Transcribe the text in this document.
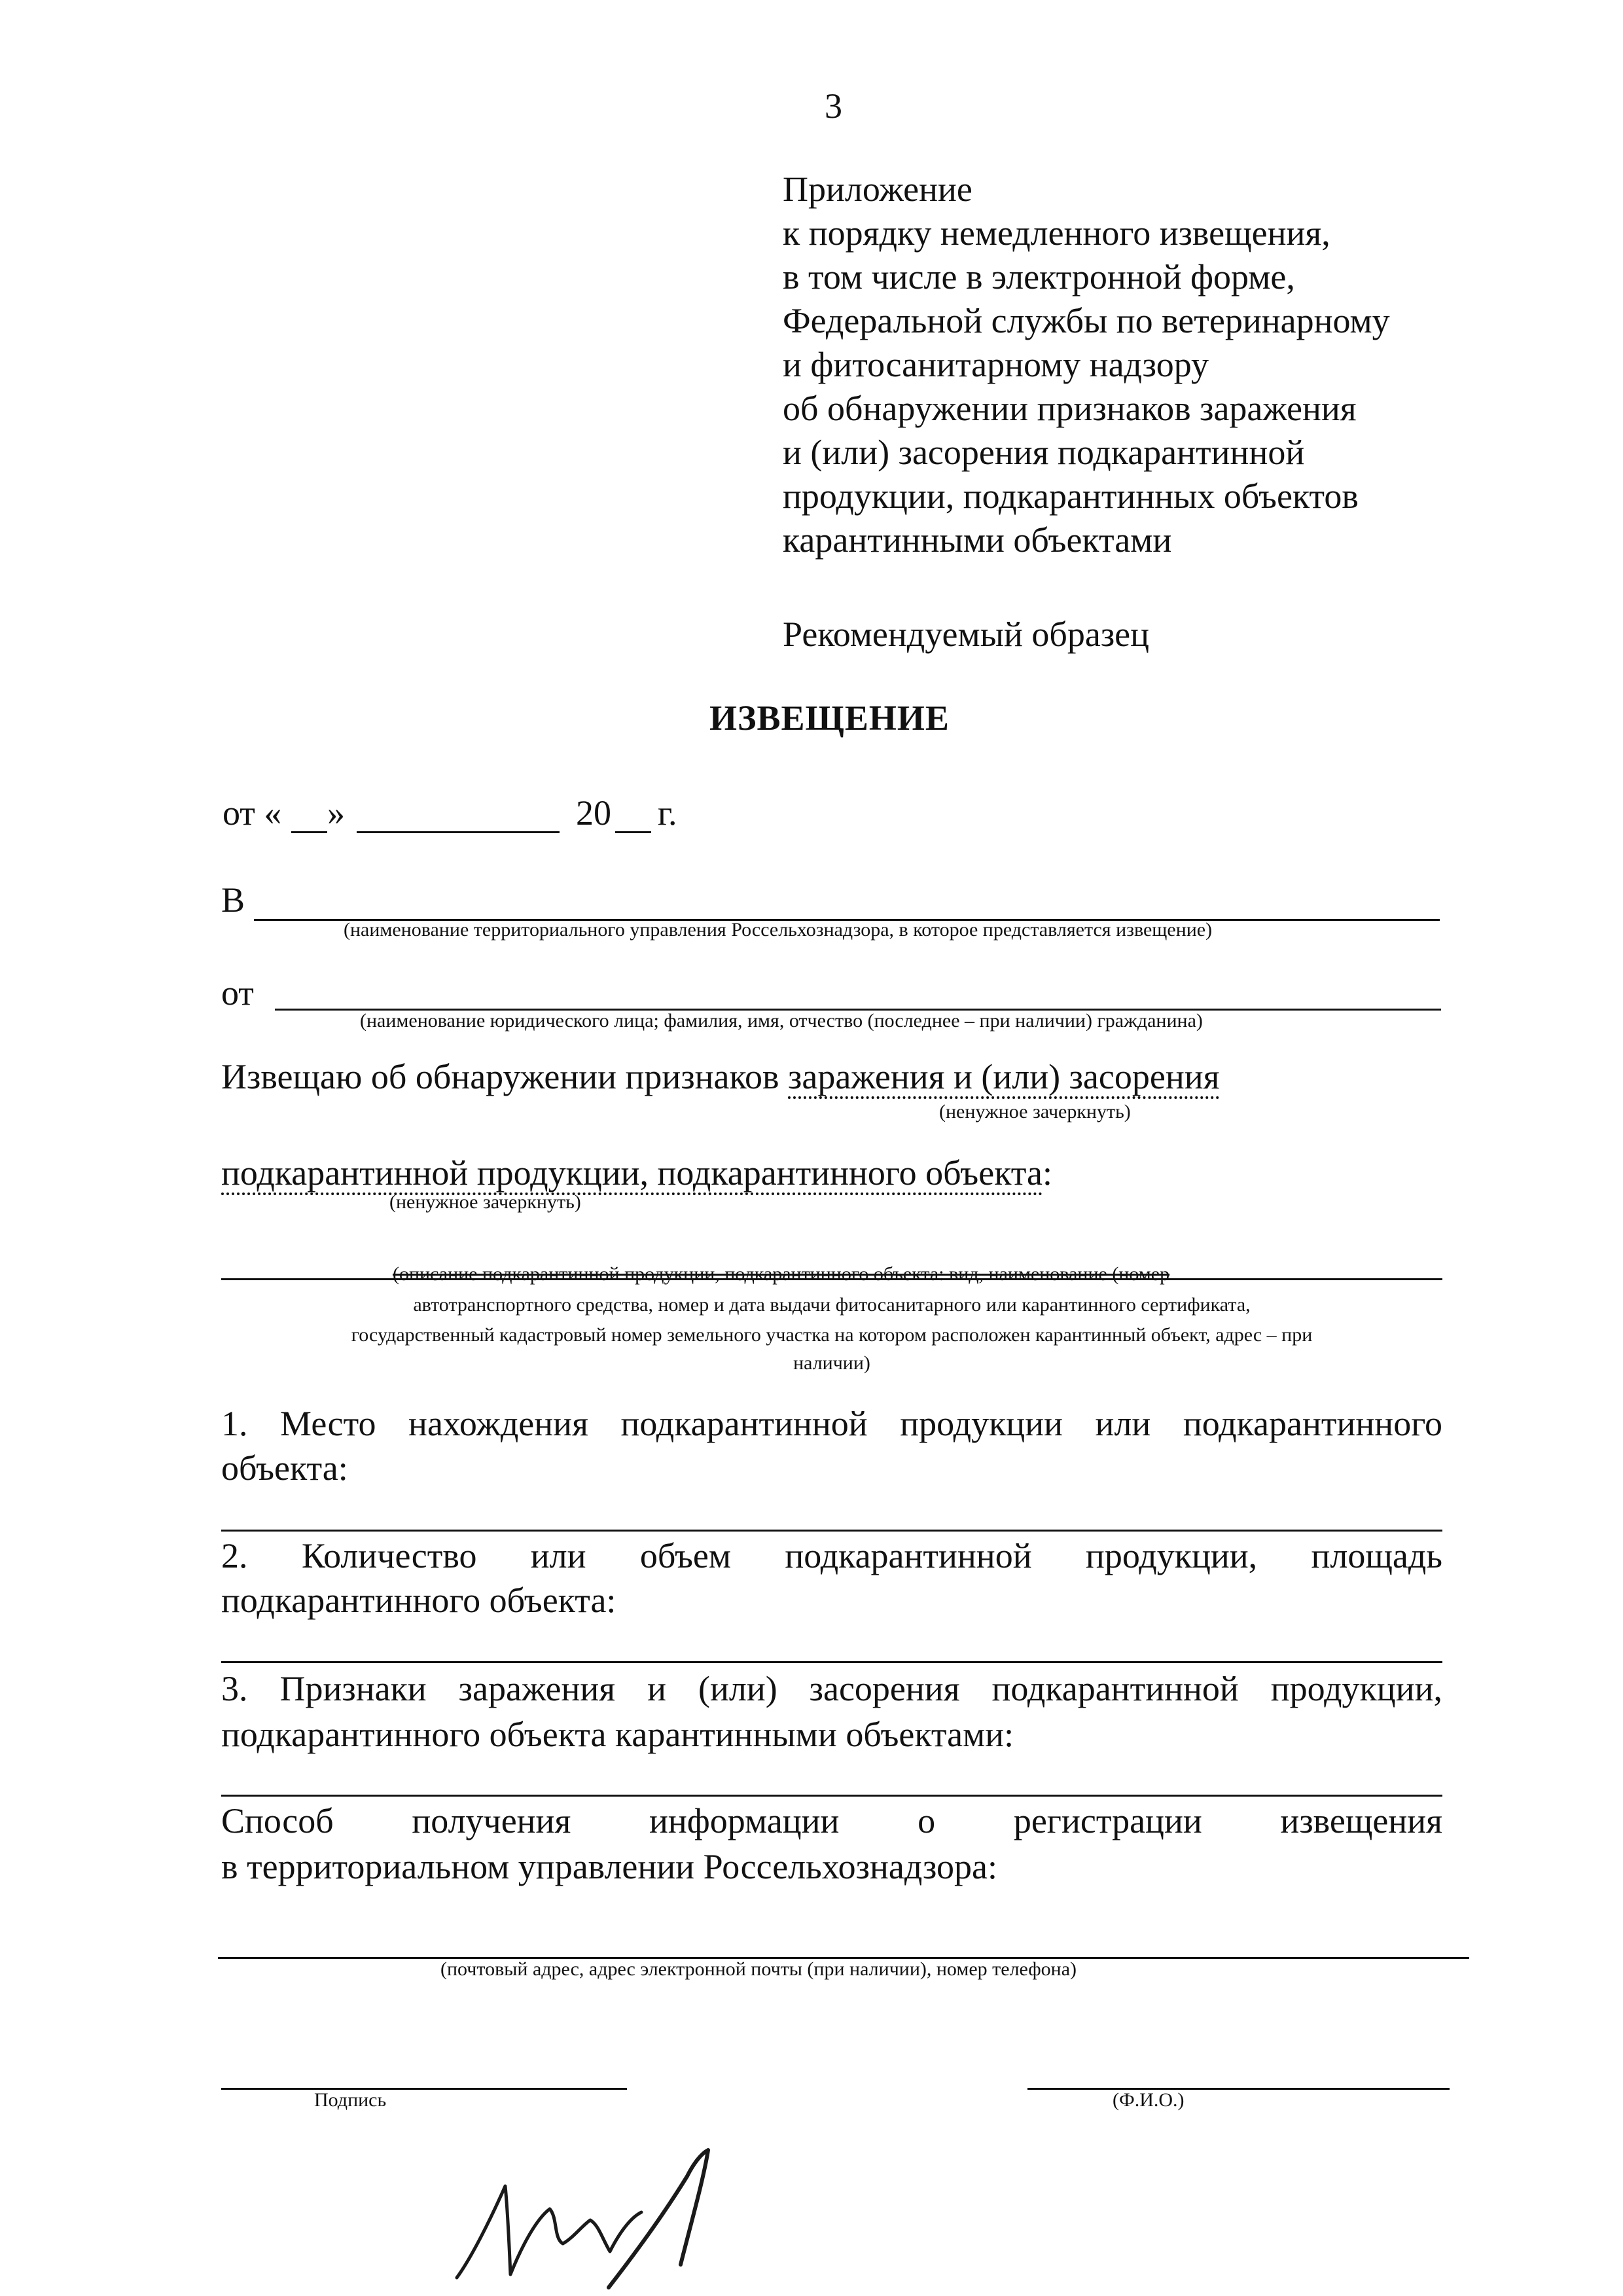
3
Приложение
к порядку немедленного извещения,
в том числе в электронной форме,
Федеральной службы по ветеринарному
и фитосанитарному надзору
об обнаружении признаков заражения
и (или) засорения подкарантинной
продукции, подкарантинных объектов
карантинными объектами
Рекомендуемый образец
ИЗВЕЩЕНИЕ
от « »	20 г.
В
(наименование территориального управления Россельхознадзора, в которое представляется извещение)
от
(наименование юридического лица; фамилия, имя, отчество (последнее – при наличии) гражданина)
Извещаю об обнаружении признаков заражения и (или) засорения
(ненужное зачеркнуть)
подкарантинной продукции, подкарантинного объекта:
(ненужное зачеркнуть)
(описание подкарантинной продукции, подкарантинного объекта: вид, наименование (номер
автотранспортного средства, номер и дата выдачи фитосанитарного или карантинного сертификата,
государственный кадастровый номер земельного участка на котором расположен карантинный объект, адрес – при
наличии)
1. Место нахождения подкарантинной продукции или подкарантинного
объекта:
2. Количество или объем подкарантинной продукции, площадь
подкарантинного объекта:
3. Признаки заражения и (или) засорения подкарантинной продукции,
подкарантинного объекта карантинными объектами:
Способ получения информации о регистрации извещения
в территориальном управлении Россельхознадзора:
(почтовый адрес, адрес электронной почты (при наличии), номер телефона)
Подпись	(Ф.И.О.)
